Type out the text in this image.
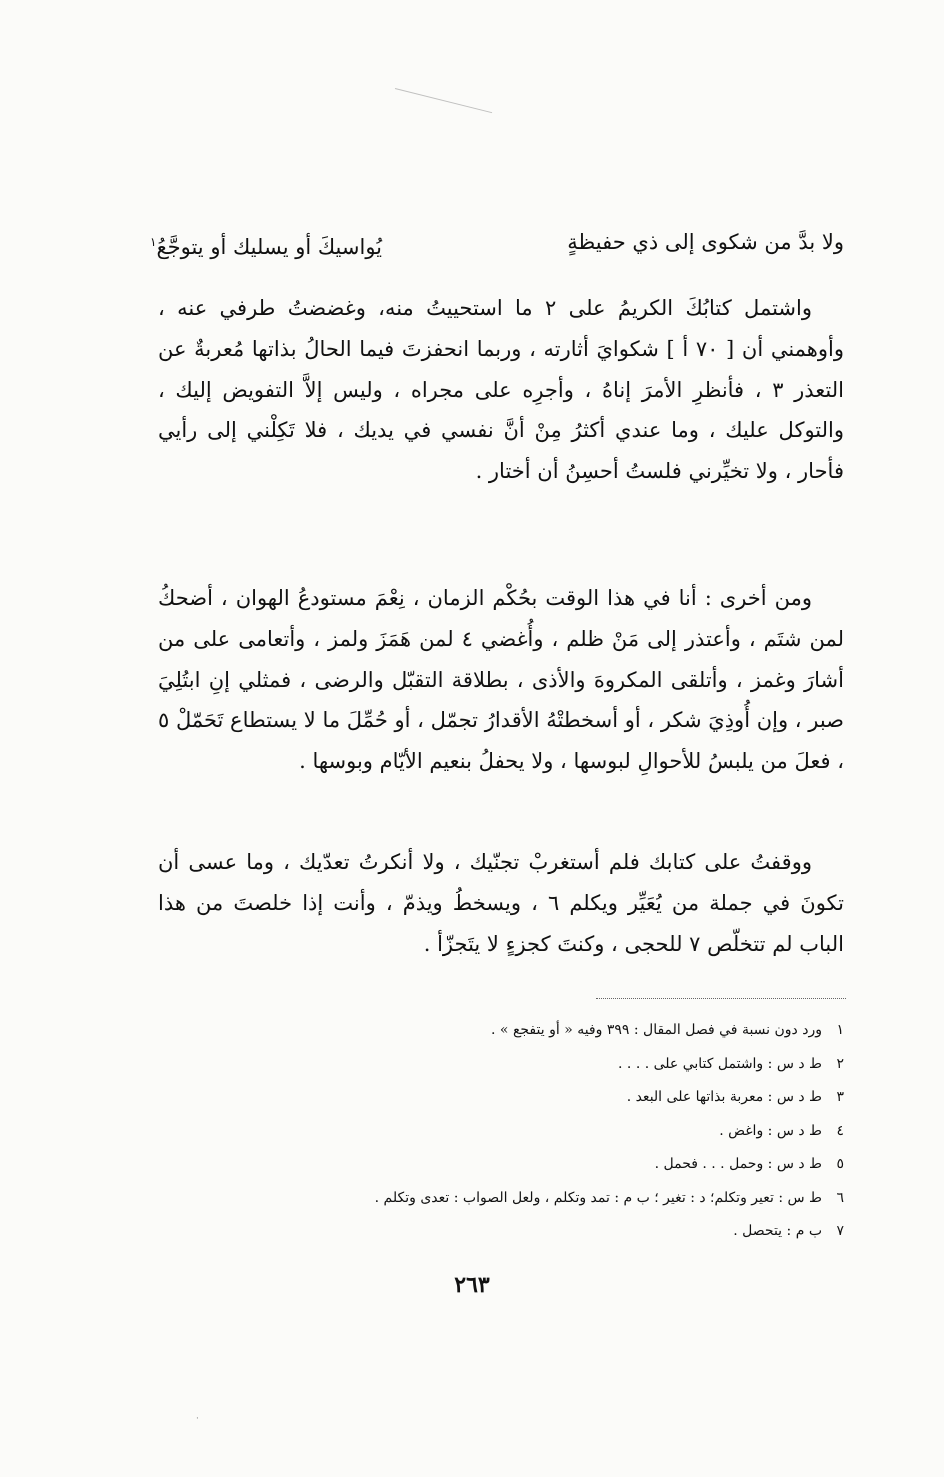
ولا بدَّ من شكوى إلى ذي حفيظةٍ
يُواسيكَ أو يسليك أو يتوجَّعُ١

واشتمل كتابُكَ الكريمُ على ٢ ما استحييتُ منه، وغضضتُ طرفي عنه ، وأوهمني أن [ ٧٠ أ ] شكوايَ أثارته ، وربما انحفزتَ فيما الحالُ بذاتها مُعربةٌ عن التعذر ٣ ، فأنظرِ الأمرَ إناهُ ، وأجرِه على مجراه ، وليس إلاَّ التفويض إليك ، والتوكل عليك ، وما عندي أكثرُ مِنْ أنَّ نفسي في يديك ، فلا تَكِلْني إلى رأيي فأحار ، ولا تخيِّرني فلستُ أحسِنُ أن أختار .

ومن أخرى : أنا في هذا الوقت بحُكْم الزمان ، نِعْمَ مستودعُ الهوان ، أضحكُ لمن شتَم ، وأعتذر إلى مَنْ ظلم ، وأُغضي ٤ لمن هَمَزَ ولمز ، وأتعامى على من أشارَ وغمز ، وأتلقى المكروهَ والأذى ، بطلاقة التقبّل والرضى ، فمثلي إنِ ابتُلِيَ صبر ، وإن أُوذِيَ شكر ، أو أسخطتْهُ الأقدارُ تجمّل ، أو حُمِّلَ ما لا يستطاع تَحَمّلْ ٥ ، فعلَ من يلبسُ للأحوالِ لبوسها ، ولا يحفلُ بنعيم الأيّام وبوسها .

ووقفتُ على كتابك فلم أستغربْ تجنّيك ، ولا أنكرتُ تعدّيك ، وما عسى أن تكونَ في جملة من يُعَيِّر ويكلم ٦ ، ويسخطُ ويذمّ ، وأنت إذا خلصتَ من هذا الباب لم تتخلّص ٧ للحجى ، وكنتَ كجزءٍ لا يتَجزّأ .

١ورد دون نسبة في فصل المقال : ٣٩٩ وفيه « أو يتفجع » .
٢ط د س : واشتمل كتابي على . . . .
٣ط د س : معربة بذاتها على البعد .
٤ط د س : واغض .
٥ط د س : وحمل . . . فحمل .
٦ط س : تعير وتكلم؛ د : تغير ؛ ب م : تمد وتكلم ، ولعل الصواب : تعدى وتكلم .
٧ب م : يتحصل .
٢٦٣
·
